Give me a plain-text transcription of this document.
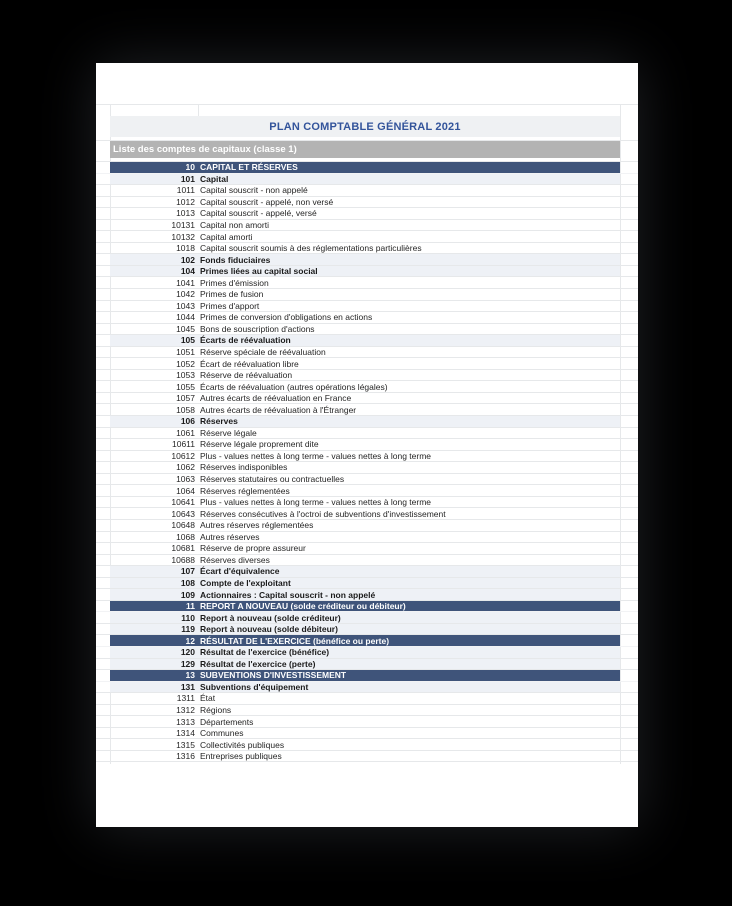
PLAN COMPTABLE GÉNÉRAL 2021
Liste des comptes de capitaux (classe 1)
10 CAPITAL ET RÉSERVES
101 Capital
1011 Capital souscrit - non appelé
1012 Capital souscrit - appelé, non versé
1013 Capital souscrit - appelé, versé
10131 Capital non amorti
10132 Capital amorti
1018 Capital souscrit soumis à des réglementations particulières
102 Fonds fiduciaires
104 Primes liées au capital social
1041 Primes d'émission
1042 Primes de fusion
1043 Primes d'apport
1044 Primes de conversion d'obligations en actions
1045 Bons de souscription d'actions
105 Écarts de réévaluation
1051 Réserve spéciale de réévaluation
1052 Écart de réévaluation libre
1053 Réserve de réévaluation
1055 Écarts de réévaluation (autres opérations légales)
1057 Autres écarts de réévaluation en France
1058 Autres écarts de réévaluation à l'Étranger
106 Réserves
1061 Réserve légale
10611 Réserve légale proprement dite
10612 Plus - values nettes à long terme - values nettes à long terme
1062 Réserves indisponibles
1063 Réserves statutaires ou contractuelles
1064 Réserves réglementées
10641 Plus - values nettes à long terme - values nettes à long terme
10643 Réserves consécutives à l'octroi de subventions d'investissement
10648 Autres réserves réglementées
1068 Autres réserves
10681 Réserve de propre assureur
10688 Réserves diverses
107 Écart d'équivalence
108 Compte de l'exploitant
109 Actionnaires : Capital souscrit - non appelé
11 REPORT A NOUVEAU (solde créditeur ou débiteur)
110 Report à nouveau (solde créditeur)
119 Report à nouveau (solde débiteur)
12 RÉSULTAT DE L'EXERCICE (bénéfice ou perte)
120 Résultat de l'exercice (bénéfice)
129 Résultat de l'exercice (perte)
13 SUBVENTIONS D'INVESTISSEMENT
131 Subventions d'équipement
1311 État
1312 Régions
1313 Départements
1314 Communes
1315 Collectivités publiques
1316 Entreprises publiques
